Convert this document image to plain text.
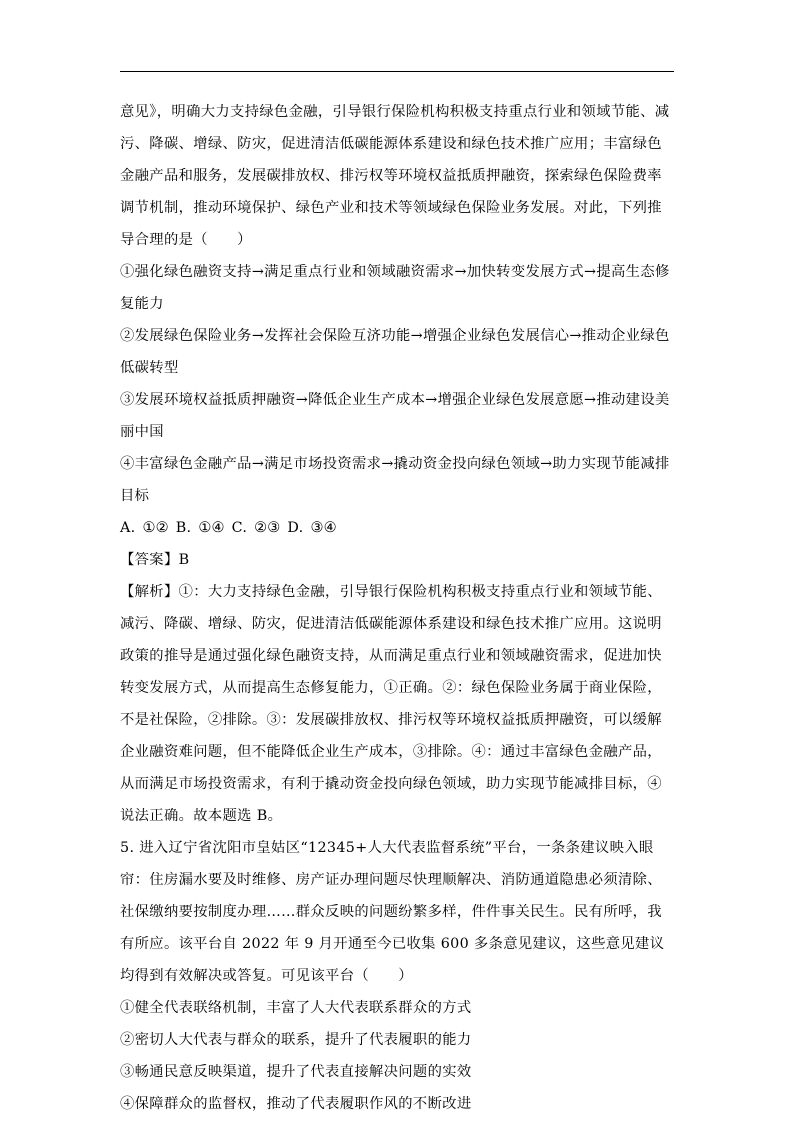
意见》，明确大力支持绿色金融，引导银行保险机构积极支持重点行业和领域节能、减污、降碳、增绿、防灾，促进清洁低碳能源体系建设和绿色技术推广应用；丰富绿色金融产品和服务，发展碳排放权、排污权等环境权益抵质押融资，探索绿色保险费率调节机制，推动环境保护、绿色产业和技术等领域绿色保险业务发展。对此，下列推导合理的是（　　）

①强化绿色融资支持→满足重点行业和领域融资需求→加快转变发展方式→提高生态修复能力

②发展绿色保险业务→发挥社会保险互济功能→增强企业绿色发展信心→推动企业绿色低碳转型

③发展环境权益抵质押融资→降低企业生产成本→增强企业绿色发展意愿→推动建设美丽中国

④丰富绿色金融产品→满足市场投资需求→撬动资金投向绿色领域→助力实现节能减排目标

A. ①② B. ①④ C. ②③ D. ③④

【答案】B

【解析】①：大力支持绿色金融，引导银行保险机构积极支持重点行业和领域节能、减污、降碳、增绿、防灾，促进清洁低碳能源体系建设和绿色技术推广应用。这说明政策的推导是通过强化绿色融资支持，从而满足重点行业和领域融资需求，促进加快转变发展方式，从而提高生态修复能力，①正确。②：绿色保险业务属于商业保险，不是社保险，②排除。③：发展碳排放权、排污权等环境权益抵质押融资，可以缓解企业融资难问题，但不能降低企业生产成本，③排除。④：通过丰富绿色金融产品，从而满足市场投资需求，有利于撬动资金投向绿色领域，助力实现节能减排目标，④说法正确。故本题选 B。

5. 进入辽宁省沈阳市皇姑区“12345+人大代表监督系统”平台，一条条建议映入眼帘：住房漏水要及时维修、房产证办理问题尽快理顺解决、消防通道隐患必须清除、社保缴纳要按制度办理……群众反映的问题纷繁多样，件件事关民生。民有所呼，我有所应。该平台自 2022 年 9 月开通至今已收集 600 多条意见建议，这些意见建议均得到有效解决或答复。可见该平台（　　）

①健全代表联络机制，丰富了人大代表联系群众的方式

②密切人大代表与群众的联系，提升了代表履职的能力

③畅通民意反映渠道，提升了代表直接解决问题的实效

④保障群众的监督权，推动了代表履职作风的不断改进
